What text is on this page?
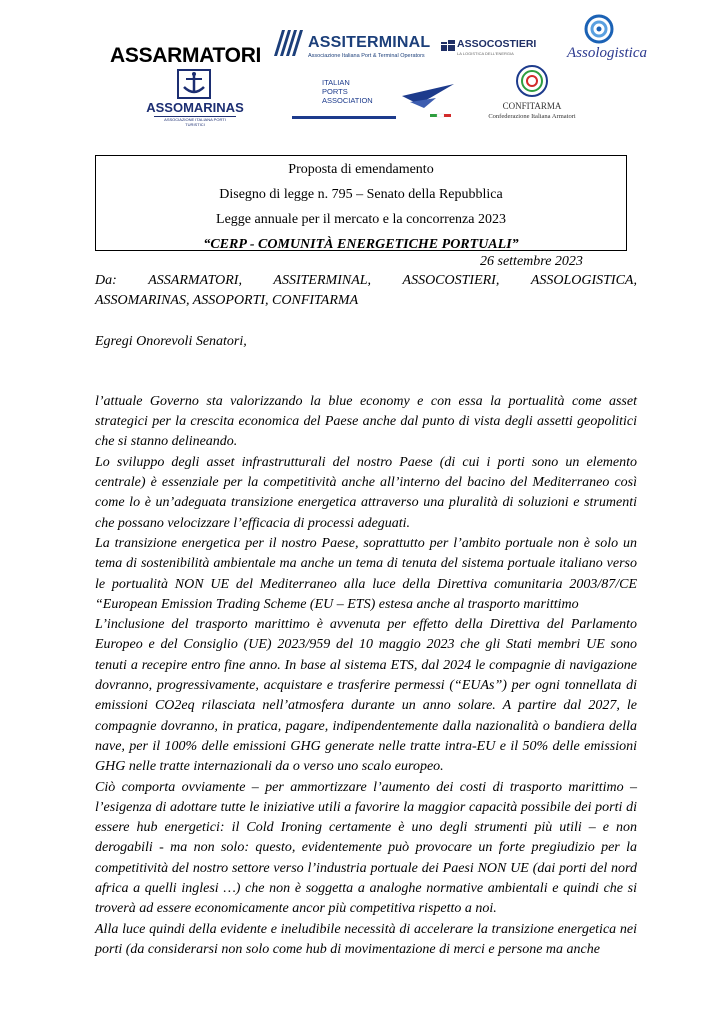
ASSARMATORI
ASSITERMINAL
Associazione Italiana Port & Terminal Operators
ASSOCOSTIERI
LA LOGISTICA DELL'ENERGIA	Assologistica
ASSOMARINAS
ASSOCIAZIONE ITALIANA PORTI TURISTICI
ITALIAN
PORTS
ASSOCIATION
CONFITARMA
Confederazione Italiana Armatori
Proposta di emendamento
Disegno di legge n. 795 – Senato della Repubblica
Legge annuale per il mercato e la concorrenza 2023
“CERP - COMUNITÀ ENERGETICHE PORTUALI”
26 settembre 2023
Da: ASSARMATORI, ASSITERMINAL, ASSOCOSTIERI, ASSOLOGISTICA,

ASSOMARINAS, ASSOPORTI, CONFITARMA

Egregi Onorevoli Senatori,

l’attuale Governo sta valorizzando la blue economy e con essa la portualità come asset strategici per la crescita economica del Paese anche dal punto di vista degli assetti geopolitici che si stanno delineando.

Lo sviluppo degli asset infrastrutturali del nostro Paese (di cui i porti sono un elemento centrale) è essenziale per la competitività anche all’interno del bacino del Mediterraneo così come lo è un’adeguata transizione energetica attraverso una pluralità di soluzioni e strumenti che possano velocizzare l’efficacia di processi adeguati.

La transizione energetica per il nostro Paese, soprattutto per l’ambito portuale non è solo un tema di sostenibilità ambientale ma anche un tema di tenuta del sistema portuale italiano verso le portualità NON UE del Mediterraneo alla luce della Direttiva comunitaria 2003/87/CE “European Emission Trading Scheme (EU – ETS) estesa anche al trasporto marittimo

L’inclusione del trasporto marittimo è avvenuta per effetto della Direttiva del Parlamento Europeo e del Consiglio (UE) 2023/959 del 10 maggio 2023 che gli Stati membri UE sono tenuti a recepire entro fine anno. In base al sistema ETS, dal 2024 le compagnie di navigazione dovranno, progressivamente, acquistare e trasferire permessi (“EUAs”) per ogni tonnellata di emissioni CO2eq rilasciata nell’atmosfera durante un anno solare. A partire dal 2027, le compagnie dovranno, in pratica, pagare, indipendentemente dalla nazionalità o bandiera della nave, per il 100% delle emissioni GHG generate nelle tratte intra-EU e il 50% delle emissioni GHG nelle tratte internazionali da o verso uno scalo europeo.

Ciò comporta ovviamente – per ammortizzare l’aumento dei costi di trasporto marittimo – l’esigenza di adottare tutte le iniziative utili a favorire la maggior capacità possibile dei porti di essere hub energetici: il Cold Ironing certamente è uno degli strumenti più utili – e non derogabili - ma non solo: questo, evidentemente può provocare un forte pregiudizio per la competitività del nostro settore verso l’industria portuale dei Paesi NON UE (dai porti del nord africa a quelli inglesi …) che non è soggetta a analoghe normative ambientali e quindi che si troverà ad essere economicamente ancor più competitiva rispetto a noi.

Alla luce quindi della evidente e ineludibile necessità di accelerare la transizione energetica nei porti (da considerarsi non solo come hub di movimentazione di merci e persone ma anche
